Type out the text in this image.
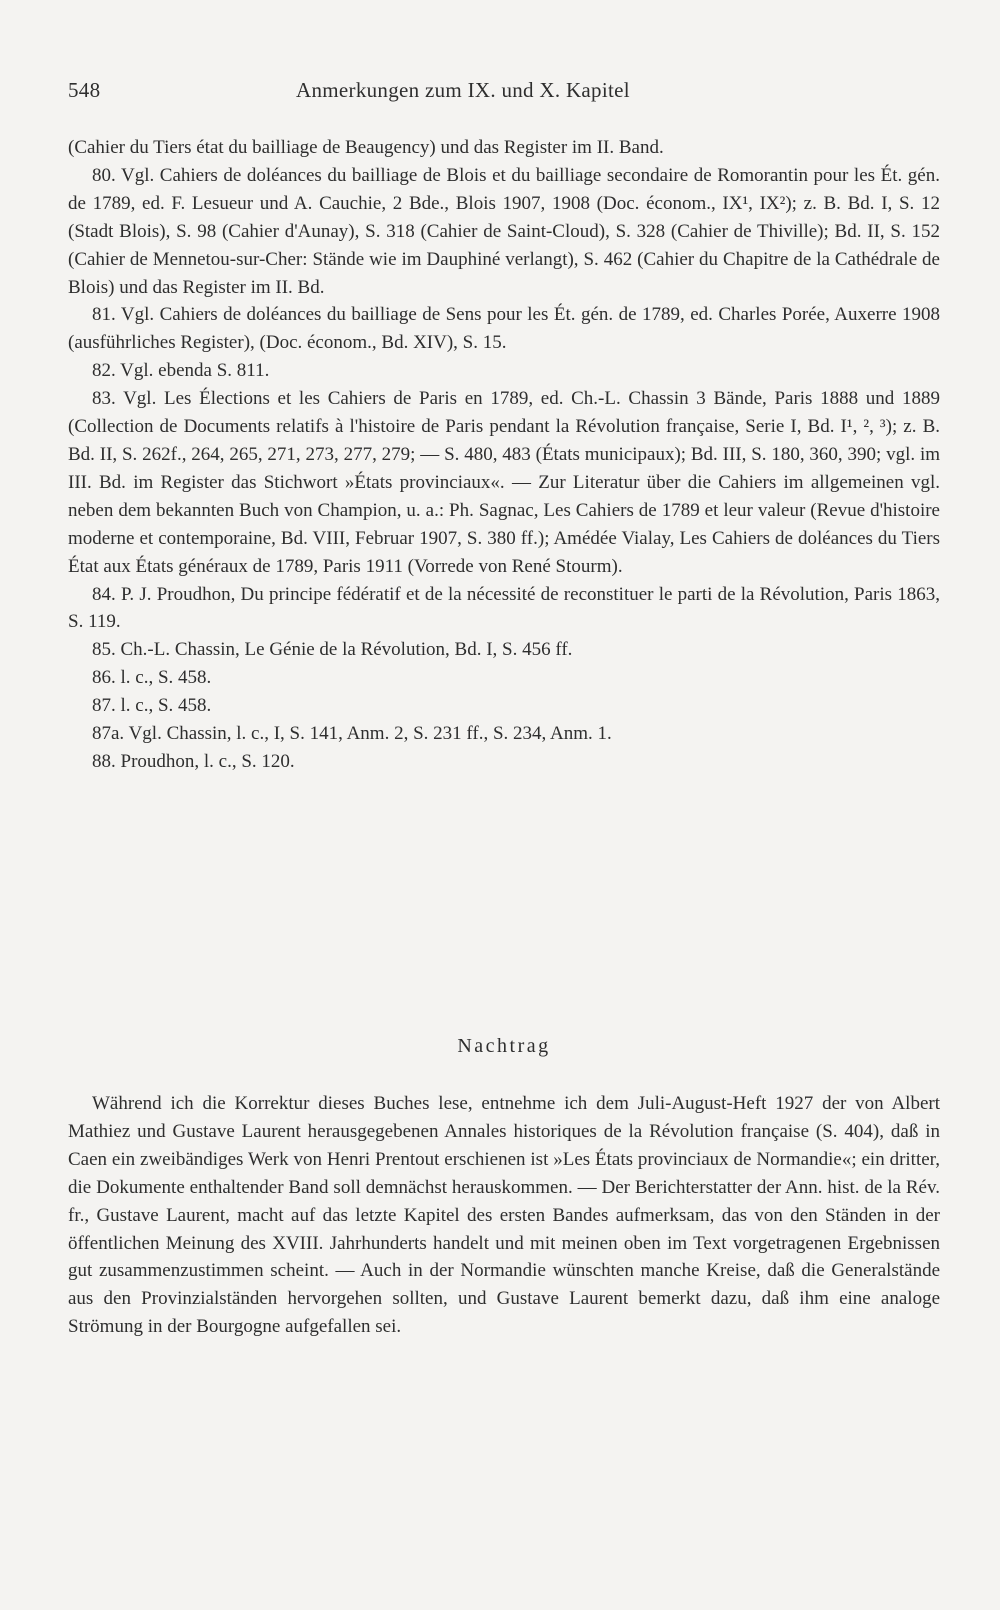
548	Anmerkungen zum IX. und X. Kapitel

(Cahier du Tiers état du bailliage de Beaugency) und das Register im II. Band.

80. Vgl. Cahiers de doléances du bailliage de Blois et du bailliage secondaire de Romorantin pour les Ét. gén. de 1789, ed. F. Lesueur und A. Cauchie, 2 Bde., Blois 1907, 1908 (Doc. économ., IX¹, IX²); z. B. Bd. I, S. 12 (Stadt Blois), S. 98 (Cahier d'Aunay), S. 318 (Cahier de Saint-Cloud), S. 328 (Cahier de Thiville); Bd. II, S. 152 (Cahier de Mennetou-sur-Cher: Stände wie im Dauphiné verlangt), S. 462 (Cahier du Chapitre de la Cathédrale de Blois) und das Register im II. Bd.

81. Vgl. Cahiers de doléances du bailliage de Sens pour les Ét. gén. de 1789, ed. Charles Porée, Auxerre 1908 (ausführliches Register), (Doc. économ., Bd. XIV), S. 15.

82. Vgl. ebenda S. 811.

83. Vgl. Les Élections et les Cahiers de Paris en 1789, ed. Ch.-L. Chassin 3 Bände, Paris 1888 und 1889 (Collection de Documents relatifs à l'histoire de Paris pendant la Révolution française, Serie I, Bd. I¹, ², ³); z. B. Bd. II, S. 262f., 264, 265, 271, 273, 277, 279; — S. 480, 483 (États municipaux); Bd. III, S. 180, 360, 390; vgl. im III. Bd. im Register das Stichwort »États provinciaux«. — Zur Literatur über die Cahiers im allgemeinen vgl. neben dem bekannten Buch von Champion, u. a.: Ph. Sagnac, Les Cahiers de 1789 et leur valeur (Revue d'histoire moderne et contemporaine, Bd. VIII, Februar 1907, S. 380 ff.); Amédée Vialay, Les Cahiers de doléances du Tiers État aux États généraux de 1789, Paris 1911 (Vorrede von René Stourm).

84. P. J. Proudhon, Du principe fédératif et de la nécessité de reconstituer le parti de la Révolution, Paris 1863, S. 119.

85. Ch.-L. Chassin, Le Génie de la Révolution, Bd. I, S. 456 ff.

86. l. c., S. 458.

87. l. c., S. 458.

87a. Vgl. Chassin, l. c., I, S. 141, Anm. 2, S. 231 ff., S. 234, Anm. 1.

88. Proudhon, l. c., S. 120.

Nachtrag

Während ich die Korrektur dieses Buches lese, entnehme ich dem Juli-August-Heft 1927 der von Albert Mathiez und Gustave Laurent herausgegebenen Annales historiques de la Révolution française (S. 404), daß in Caen ein zweibändiges Werk von Henri Prentout erschienen ist »Les États provinciaux de Normandie«; ein dritter, die Dokumente enthaltender Band soll demnächst herauskommen. — Der Berichterstatter der Ann. hist. de la Rév. fr., Gustave Laurent, macht auf das letzte Kapitel des ersten Bandes aufmerksam, das von den Ständen in der öffentlichen Meinung des XVIII. Jahrhunderts handelt und mit meinen oben im Text vorgetragenen Ergebnissen gut zusammenzustimmen scheint. — Auch in der Normandie wünschten manche Kreise, daß die Generalstände aus den Provinzialständen hervorgehen sollten, und Gustave Laurent bemerkt dazu, daß ihm eine analoge Strömung in der Bourgogne aufgefallen sei.
